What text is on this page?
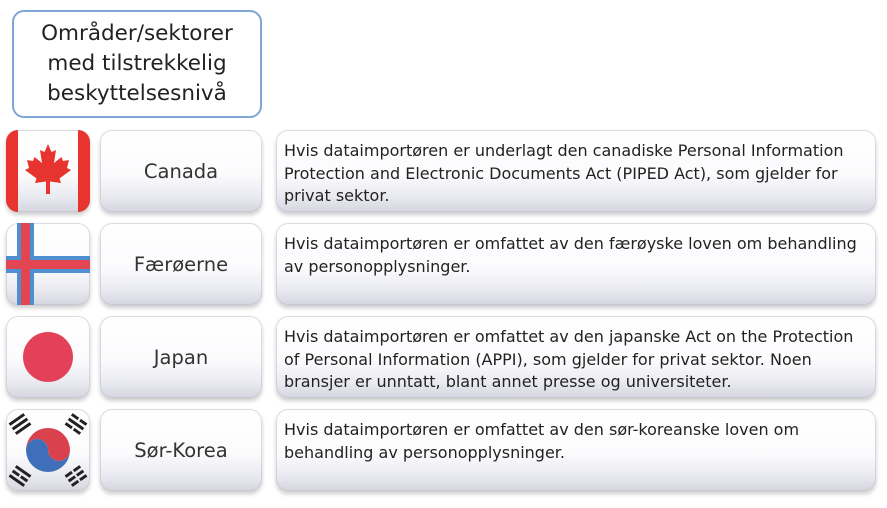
Områder/sektorer
med tilstrekkelig
beskyttelsesnivå
Canada
Hvis dataimportøren er underlagt den canadiske Personal Information Protection and Electronic Documents Act (PIPED Act), som gjelder for privat sektor.
Færøerne
Hvis dataimportøren er omfattet av den færøyske loven om behandling av personopplysninger.
Japan
Hvis dataimportøren er omfattet av den japanske Act on the Protection of Personal Information (APPI), som gjelder for privat sektor. Noen bransjer er unntatt, blant annet presse og universiteter.
Sør-Korea
Hvis dataimportøren er omfattet av den sør-koreanske loven om behandling av personopplysninger.
